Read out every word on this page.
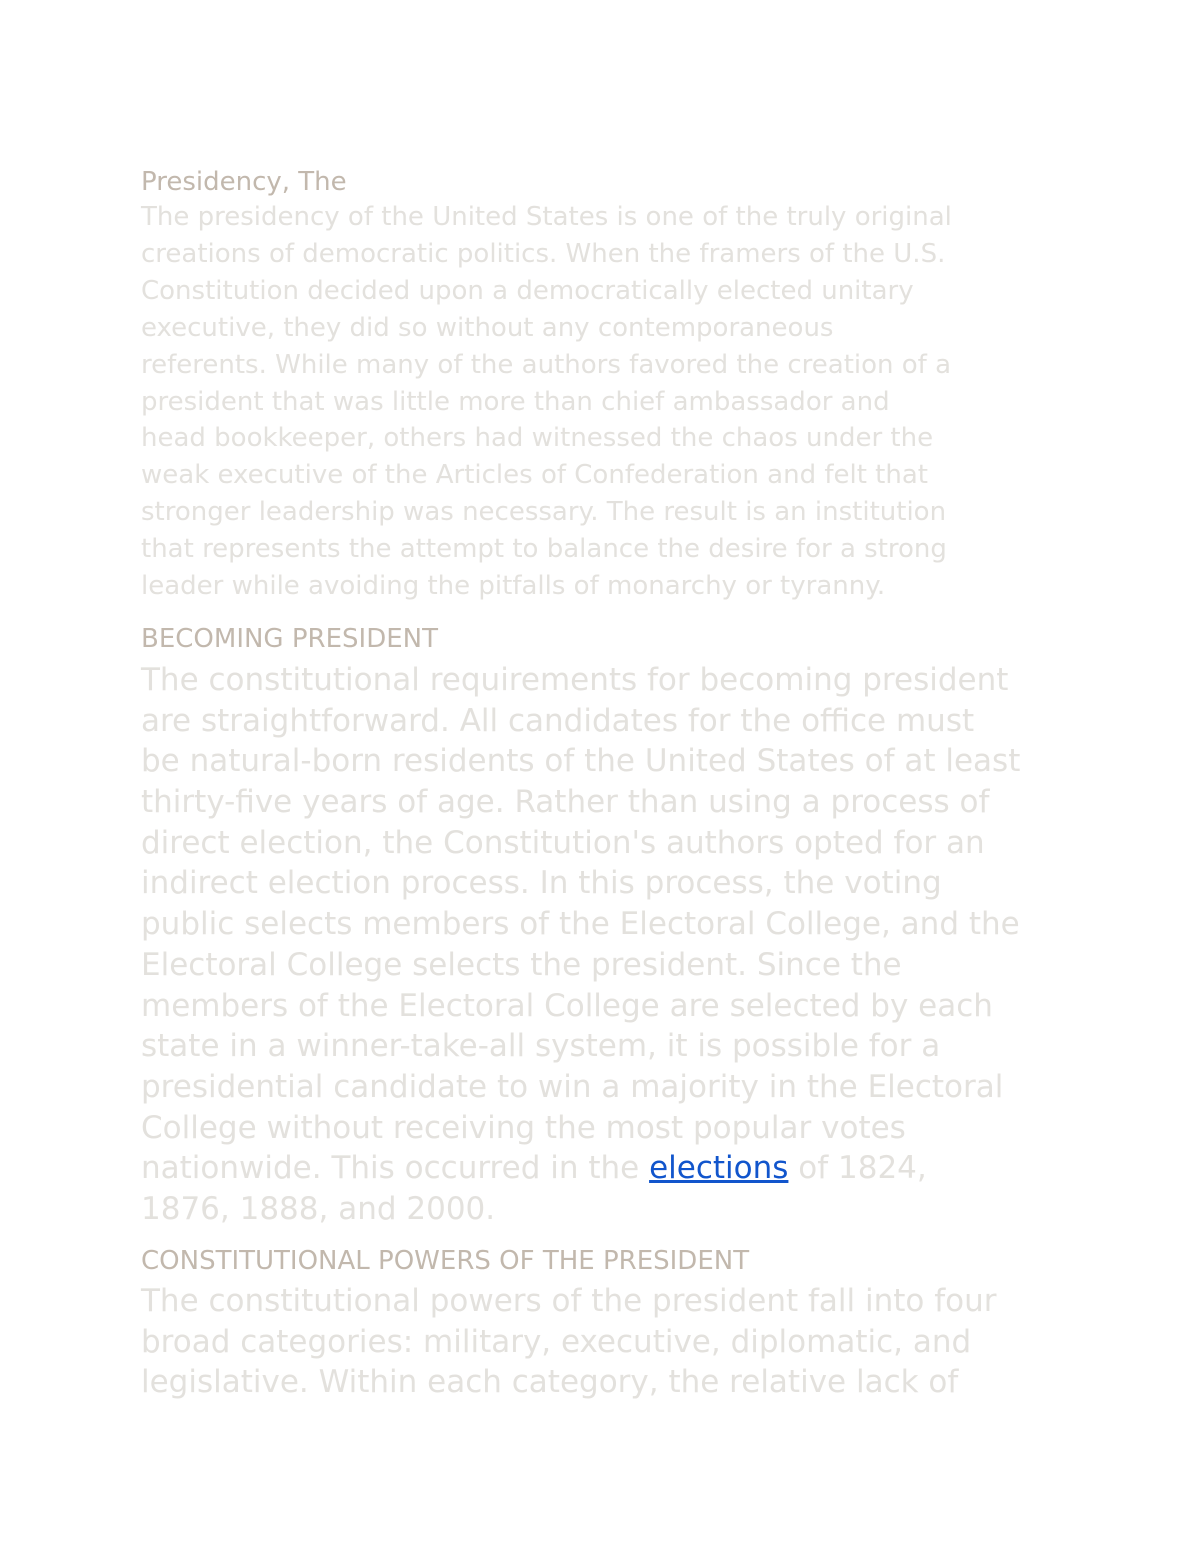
Presidency, The

The presidency of the United States is one of the truly original
creations of democratic politics. When the framers of the U.S.
Constitution decided upon a democratically elected unitary
executive, they did so without any contemporaneous
referents. While many of the authors favored the creation of a
president that was little more than chief ambassador and
head bookkeeper, others had witnessed the chaos under the
weak executive of the Articles of Confederation and felt that
stronger leadership was necessary. The result is an institution
that represents the attempt to balance the desire for a strong
leader while avoiding the pitfalls of monarchy or tyranny.

BECOMING PRESIDENT

The constitutional requirements for becoming president
are straightforward. All candidates for the office must
be natural-born residents of the United States of at least
thirty-five years of age. Rather than using a process of
direct election, the Constitution's authors opted for an
indirect election process. In this process, the voting
public selects members of the Electoral College, and the
Electoral College selects the president. Since the
members of the Electoral College are selected by each
state in a winner-take-all system, it is possible for a
presidential candidate to win a majority in the Electoral
College without receiving the most popular votes
nationwide. This occurred in the elections of 1824,
1876, 1888, and 2000.

CONSTITUTIONAL POWERS OF THE PRESIDENT

The constitutional powers of the president fall into four
broad categories: military, executive, diplomatic, and
legislative. Within each category, the relative lack of
